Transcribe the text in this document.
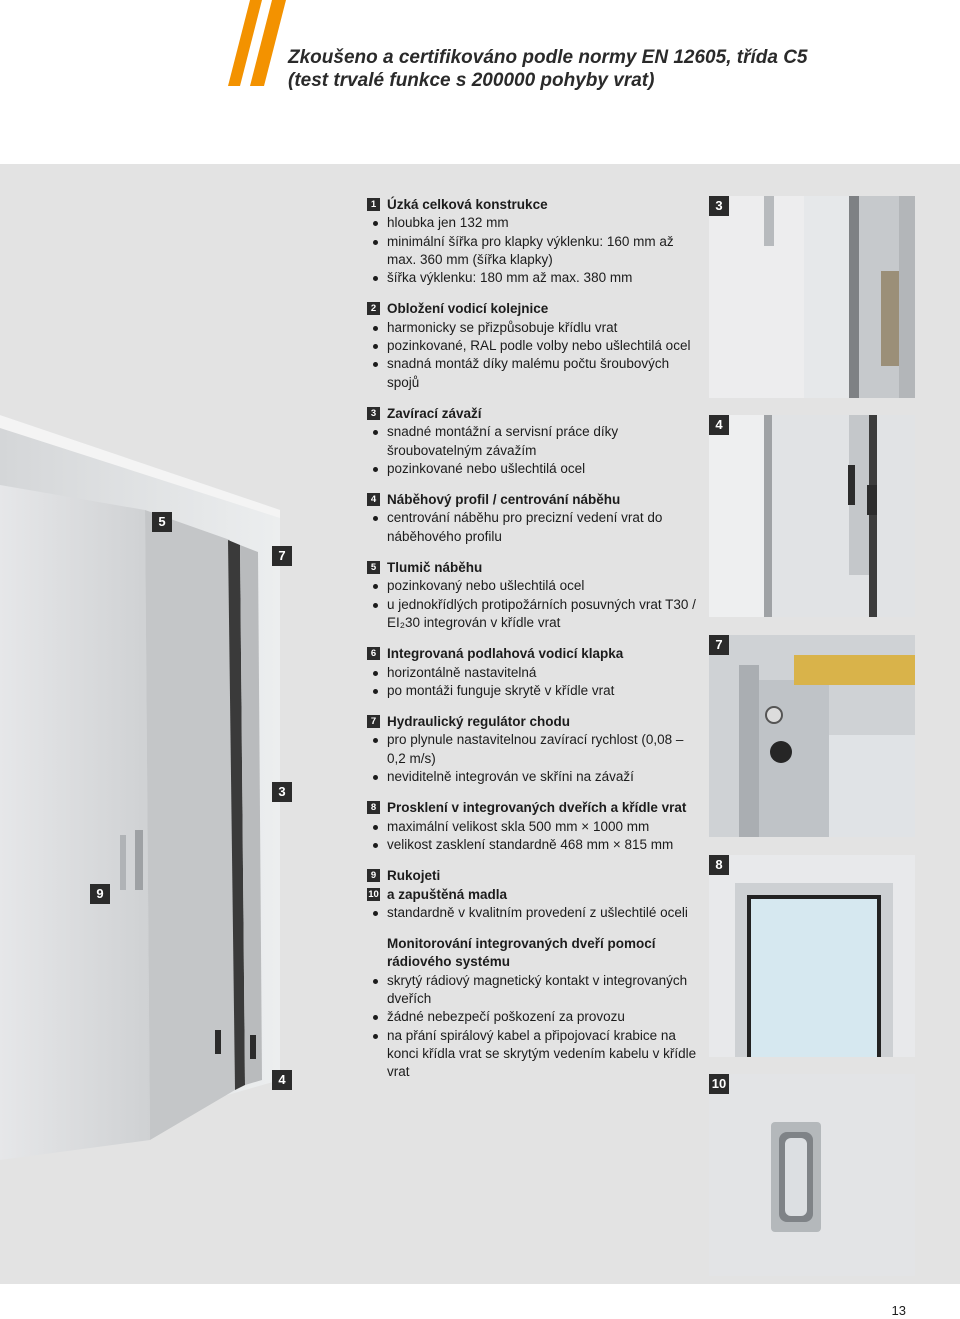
Zkoušeno a certifikováno podle normy EN 12605, třída C5
(test trvalé funkce s 200000 pohyby vrat)
5
7
3
9
4
1 Úzká celková konstrukce
hloubka jen 132 mm
minimální šířka pro klapky výklenku: 160 mm až max. 360 mm (šířka klapky)
šířka výklenku: 180 mm až max. 380 mm
2 Obložení vodicí kolejnice
harmonicky se přizpůsobuje křídlu vrat
pozinkované, RAL podle volby nebo ušlechtilá ocel
snadná montáž díky malému počtu šroubových spojů
3 Zavírací závaží
snadné montážní a servisní práce díky šroubovatelným závažím
pozinkované nebo ušlechtilá ocel
4 Náběhový profil / centrování náběhu
centrování náběhu pro precizní vedení vrat do náběhového profilu
5 Tlumič náběhu
pozinkovaný nebo ušlechtilá ocel
u jednokřídlých protipožárních posuvných vrat T30 / EI₂30 integrován v křídle vrat
6 Integrovaná podlahová vodicí klapka
horizontálně nastavitelná
po montáži funguje skrytě v křídle vrat
7 Hydraulický regulátor chodu
pro plynule nastavitelnou zavírací rychlost (0,08 – 0,2 m/s)
neviditelně integrován ve skříni na závaží
8 Prosklení v integrovaných dveřích a křídle vrat
maximální velikost skla 500 mm × 1000 mm
velikost zasklení standardně 468 mm × 815 mm
9
10
Rukojeti
a zapuštěná madla
standardně v kvalitním provedení z ušlechtilé oceli
Monitorování integrovaných dveří pomocí rádiového systému
skrytý rádiový magnetický kontakt v integrovaných dveřích
žádné nebezpečí poškození za provozu
na přání spirálový kabel a připojovací krabice na konci křídla vrat se skrytým vedením kabelu v křídle vrat
3
4
7
8
10
13
